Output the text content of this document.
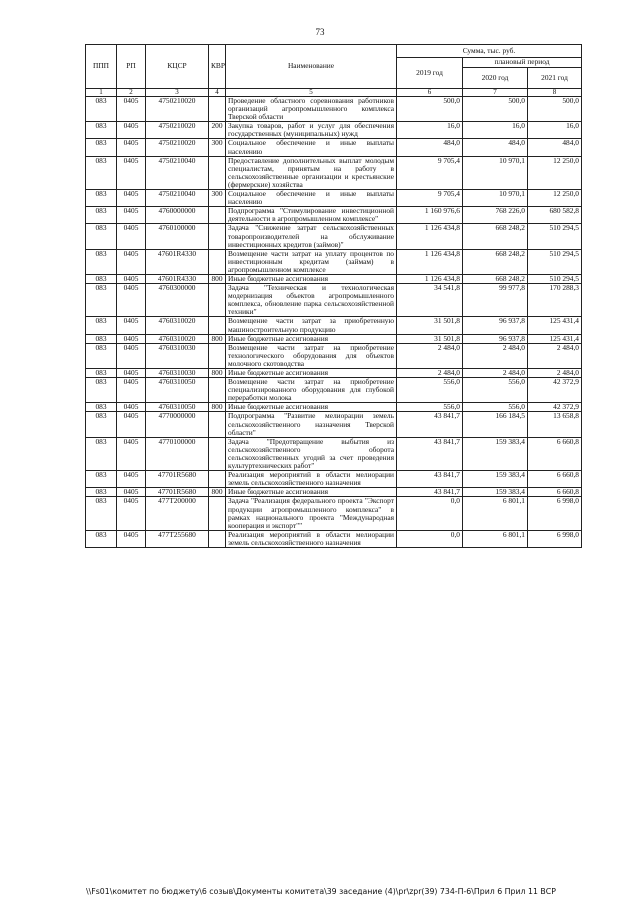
73
ППП	РП	КЦСР	КВР	Наименование	Сумма, тыс. руб.		
					2019 год	плановый период	
						2020 год	2021 год
1	2	3	4	5	6	7	8
083	0405	4750210020		Проведение областного соревнования работников организаций агропромышленного комплекса Тверской области	500,0	500,0	500,0
083	0405	4750210020	200	Закупка товаров, работ и услуг для обеспечения государственных (муниципальных) нужд	16,0	16,0	16,0
083	0405	4750210020	300	Социальное обеспечение и иные выплаты населению	484,0	484,0	484,0
083	0405	4750210040		Предоставление дополнительных выплат молодым специалистам, принятым на работу в сельскохозяйственные организации и крестьянские (фермерские) хозяйства	9 705,4	10 970,1	12 250,0
083	0405	4750210040	300	Социальное обеспечение и иные выплаты населению	9 705,4	10 970,1	12 250,0
083	0405	4760000000		Подпрограмма "Стимулирование инвестиционной деятельности в агропромышленном комплексе"	1 160 976,6	768 226,0	680 582,8
083	0405	4760100000		Задача "Снижение затрат сельскохозяйственных товаропроизводителей на обслуживание инвестиционных кредитов (займов)"	1 126 434,8	668 248,2	510 294,5
083	0405	47601R4330		Возмещение части затрат на уплату процентов по инвестиционным кредитам (займам) в агропромышленном комплексе	1 126 434,8	668 248,2	510 294,5
083	0405	47601R4330	800	Иные бюджетные ассигнования	1 126 434,8	668 248,2	510 294,5
083	0405	4760300000		Задача "Техническая и технологическая модернизация объектов агропромышленного комплекса, обновление парка сельскохозяйственной техники"	34 541,8	99 977,8	170 288,3
083	0405	4760310020		Возмещение части затрат за приобретенную машиностроительную продукцию	31 501,8	96 937,8	125 431,4
083	0405	4760310020	800	Иные бюджетные ассигнования	31 501,8	96 937,8	125 431,4
083	0405	4760310030		Возмещение части затрат на приобретение технологического оборудования для объектов молочного скотоводства	2 484,0	2 484,0	2 484,0
083	0405	4760310030	800	Иные бюджетные ассигнования	2 484,0	2 484,0	2 484,0
083	0405	4760310050		Возмещение части затрат на приобретение специализированного оборудования для глубокой переработки молока	556,0	556,0	42 372,9
083	0405	4760310050	800	Иные бюджетные ассигнования	556,0	556,0	42 372,9
083	0405	4770000000		Подпрограмма "Развитие мелиорации земель сельскохозяйственного назначения Тверской области"	43 841,7	166 184,5	13 658,8
083	0405	4770100000		Задача "Предотвращение выбытия из сельскохозяйственного оборота сельскохозяйственных угодий за счет проведения культуртехнических работ"	43 841,7	159 383,4	6 660,8
083	0405	47701R5680		Реализация мероприятий в области мелиорации земель сельскохозяйственного назначения	43 841,7	159 383,4	6 660,8
083	0405	47701R5680	800	Иные бюджетные ассигнования	43 841,7	159 383,4	6 660,8
083	0405	477T200000		Задача "Реализация федерального проекта "Экспорт продукции агропромышленного комплекса" в рамках национального проекта "Международная кооперация и экспорт""	0,0	6 801,1	6 998,0
083	0405	477T255680		Реализация мероприятий в области мелиорации земель сельскохозяйственного назначения	0,0	6 801,1	6 998,0
\\Fs01\комитет по бюджету\6 созыв\Документы комитета\39 заседание (4)\pr\zpr(39) 734-П-6\Прил 6 Прил 11 ВСР
